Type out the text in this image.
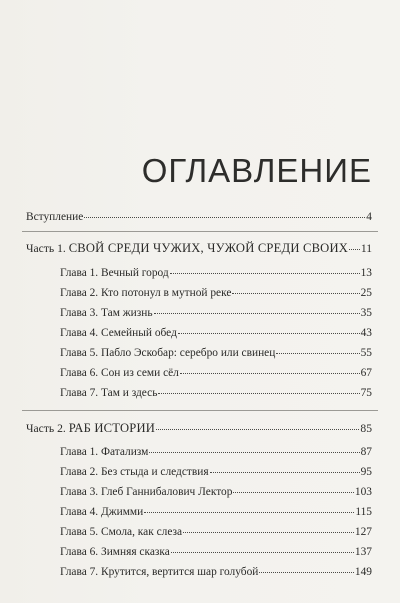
ОГЛАВЛЕНИЕ
Вступление	4
Часть 1. СВОЙ СРЕДИ ЧУЖИХ, ЧУЖОЙ СРЕДИ СВОИХ 11
Глава 1. Вечный город	13
Глава 2. Кто потонул в мутной реке	25
Глава 3. Там жизнь	35
Глава 4. Семейный обед	43
Глава 5. Пабло Эскобар: серебро или свинец	55
Глава 6. Сон из семи сёл	67
Глава 7. Там и здесь	75
Часть 2. РАБ ИСТОРИИ	85
Глава 1. Фатализм	87
Глава 2. Без стыда и следствия	95
Глава 3. Глеб Ганнибалович Лектор	103
Глава 4. Джимми	115
Глава 5. Смола, как слеза	127
Глава 6. Зимняя сказка	137
Глава 7. Крутится, вертится шар голубой	149
